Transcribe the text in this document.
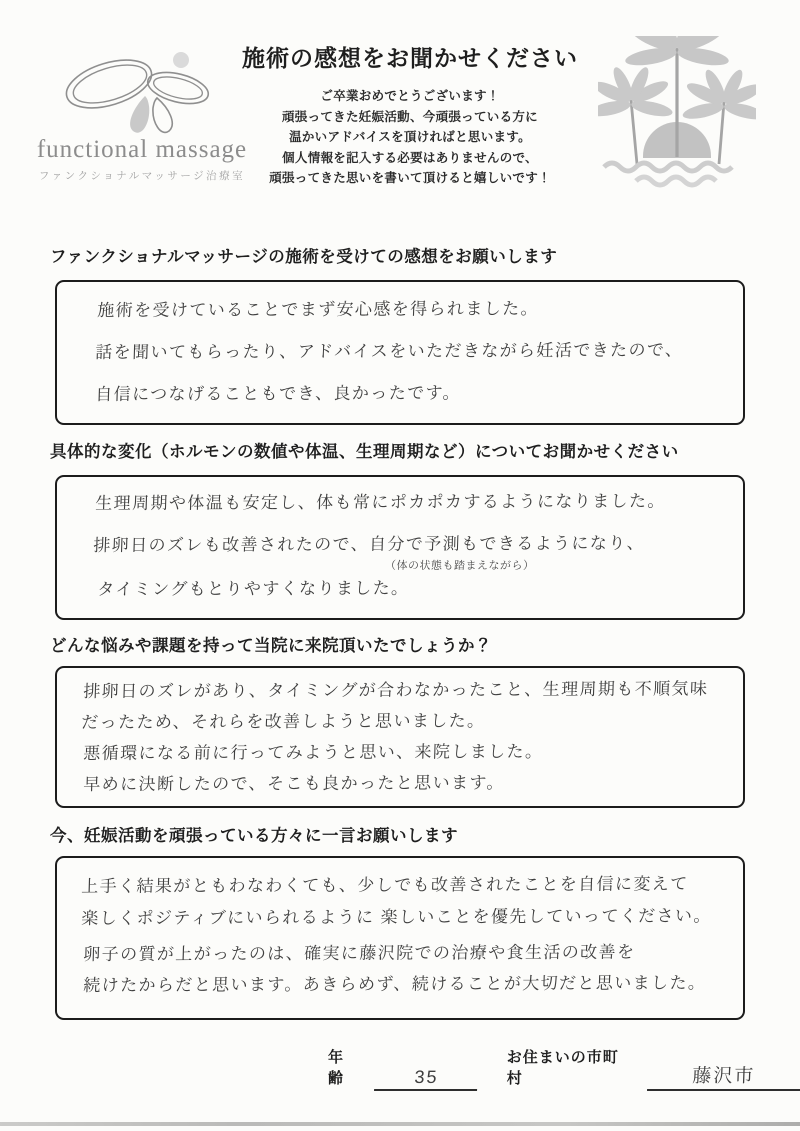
functional massage
ファンクショナルマッサージ治療室
施術の感想をお聞かせください
ご卒業おめでとうございます！
頑張ってきた妊娠活動、今頑張っている方に
温かいアドバイスを頂ければと思います。
個人情報を記入する必要はありませんので、
頑張ってきた思いを書いて頂けると嬉しいです！
ファンクショナルマッサージの施術を受けての感想をお願いします
施術を受けていることでまず安心感を得られました。
話を聞いてもらったり、アドバイスをいただきながら妊活できたので、
自信につなげることもでき、良かったです。
具体的な変化（ホルモンの数値や体温、生理周期など）についてお聞かせください
生理周期や体温も安定し、体も常にポカポカするようになりました。
排卵日のズレも改善されたので、自分で予測もできるようになり、
（体の状態も踏まえながら）
タイミングもとりやすくなりました。
どんな悩みや課題を持って当院に来院頂いたでしょうか？
排卵日のズレがあり、タイミングが合わなかったこと、生理周期も不順気味
だったため、それらを改善しようと思いました。
悪循環になる前に行ってみようと思い、来院しました。
早めに決断したので、そこも良かったと思います。
今、妊娠活動を頑張っている方々に一言お願いします
上手く結果がともわなわくても、少しでも改善されたことを自信に変えて
楽しくポジティブにいられるように 楽しいことを優先していってください。
卵子の質が上がったのは、確実に藤沢院での治療や食生活の改善を
続けたからだと思います。あきらめず、続けることが大切だと思いました。
年齢	35
お住まいの市町村	藤沢市
